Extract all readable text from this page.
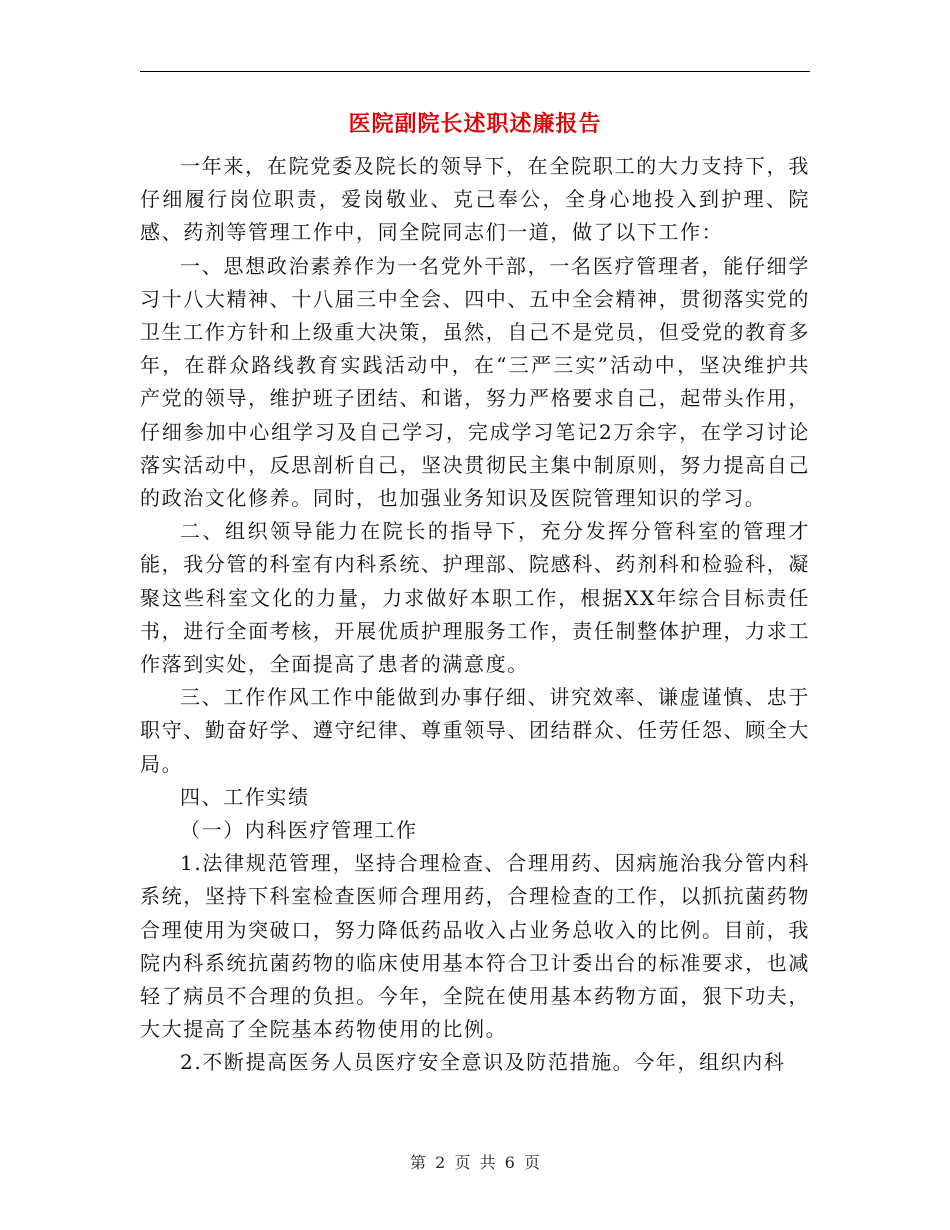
医院副院长述职述廉报告

一年来，在院党委及院长的领导下，在全院职工的大力支持下，我仔细履行岗位职责，爱岗敬业、克己奉公，全身心地投入到护理、院感、药剂等管理工作中，同全院同志们一道，做了以下工作：

一、思想政治素养作为一名党外干部，一名医疗管理者，能仔细学习十八大精神、十八届三中全会、四中、五中全会精神，贯彻落实党的卫生工作方针和上级重大决策，虽然，自己不是党员，但受党的教育多年，在群众路线教育实践活动中，在“三严三实”活动中，坚决维护共产党的领导，维护班子团结、和谐，努力严格要求自己，起带头作用，仔细参加中心组学习及自己学习，完成学习笔记2万余字，在学习讨论落实活动中，反思剖析自己，坚决贯彻民主集中制原则，努力提高自己的政治文化修养。同时，也加强业务知识及医院管理知识的学习。

二、组织领导能力在院长的指导下，充分发挥分管科室的管理才能，我分管的科室有内科系统、护理部、院感科、药剂科和检验科，凝聚这些科室文化的力量，力求做好本职工作，根据XX年综合目标责任书，进行全面考核，开展优质护理服务工作，责任制整体护理，力求工作落到实处，全面提高了患者的满意度。

三、工作作风工作中能做到办事仔细、讲究效率、谦虚谨慎、忠于职守、勤奋好学、遵守纪律、尊重领导、团结群众、任劳任怨、顾全大局。

四、工作实绩

（一）内科医疗管理工作

1.法律规范管理，坚持合理检查、合理用药、因病施治我分管内科系统，坚持下科室检查医师合理用药，合理检查的工作，以抓抗菌药物合理使用为突破口，努力降低药品收入占业务总收入的比例。目前，我院内科系统抗菌药物的临床使用基本符合卫计委出台的标准要求，也减轻了病员不合理的负担。今年，全院在使用基本药物方面，狠下功夫，大大提高了全院基本药物使用的比例。

2.不断提高医务人员医疗安全意识及防范措施。今年，组织内科

第 2 页 共 6 页
